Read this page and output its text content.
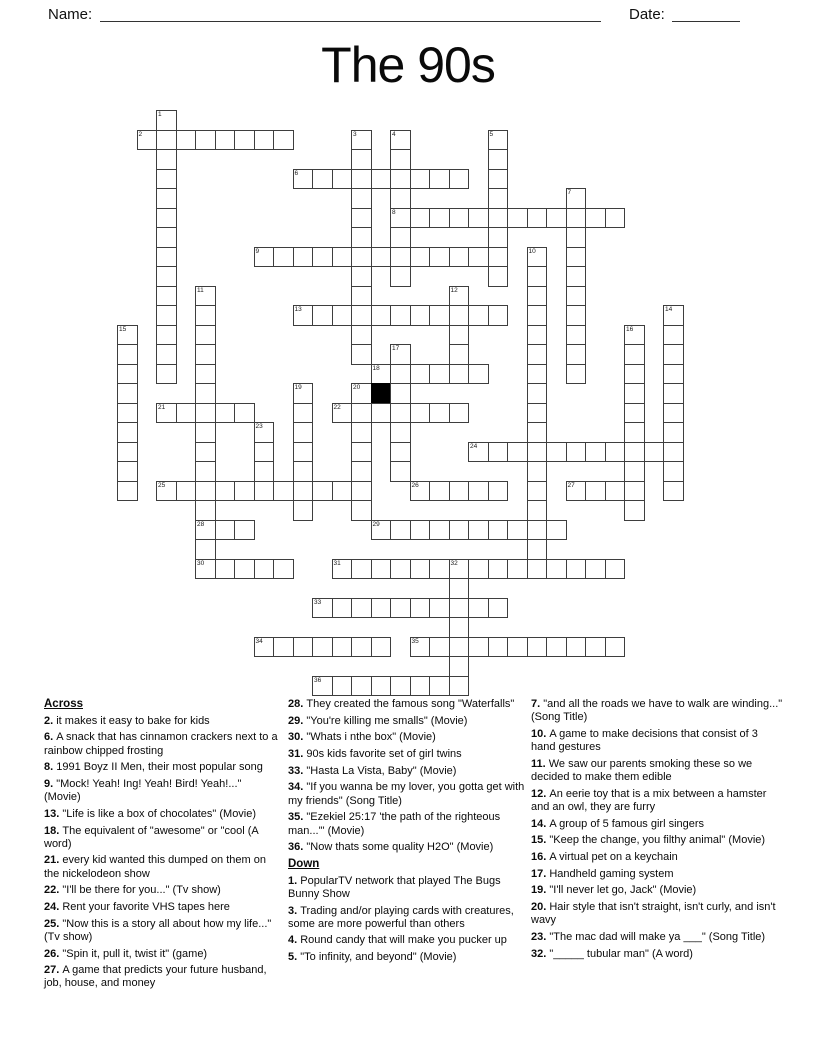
Name:	Date:
The 90s
1
2	3	4	5
6
7
8
9	10
11	12
13	14
15	16
17
18
19	20
21	22
23
24
25	26	27
28	29
30	31	32
33
34	35
36
Across
2. it makes it easy to bake for kids
6. A snack that has cinnamon crackers next to a rainbow chipped frosting
8. 1991 Boyz II Men, their most popular song
9. "Mock! Yeah! Ing! Yeah! Bird! Yeah!..." (Movie)
13. "Life is like a box of chocolates" (Movie)
18. The equivalent of "awesome" or "cool (A word)
21. every kid wanted this dumped on them on the nickelodeon show
22. "I'll be there for you..." (Tv show)
24. Rent your favorite VHS tapes here
25. "Now this is a story all about how my life..." (Tv show)
26. "Spin it, pull it, twist it" (game)
27. A game that predicts your future husband, job, house, and money
28. They created the famous song "Waterfalls"
29. "You're killing me smalls" (Movie)
30. "Whats i nthe box" (Movie)
31. 90s kids favorite set of girl twins
33. "Hasta La Vista, Baby" (Movie)
34. "If you wanna be my lover, you gotta get with my friends" (Song Title)
35. "Ezekiel 25:17 'the path of the righteous man...'" (Movie)
36. "Now thats some quality H2O" (Movie)
Down
1. PopularTV network that played The Bugs Bunny Show
3. Trading and/or playing cards with creatures, some are more powerful than others
4. Round candy that will make you pucker up
5. "To infinity, and beyond" (Movie)
7. "and all the roads we have to walk are winding..." (Song Title)
10. A game to make decisions that consist of 3 hand gestures
11. We saw our parents smoking these so we decided to make them edible
12. An eerie toy that is a mix between a hamster and an owl, they are furry
14. A group of 5 famous girl singers
15. "Keep the change, you filthy animal" (Movie)
16. A virtual pet on a keychain
17. Handheld gaming system
19. "I'll never let go, Jack" (Movie)
20. Hair style that isn't straight, isn't curly, and isn't wavy
23. "The mac dad will make ya ___" (Song Title)
32. "_____ tubular man" (A word)
